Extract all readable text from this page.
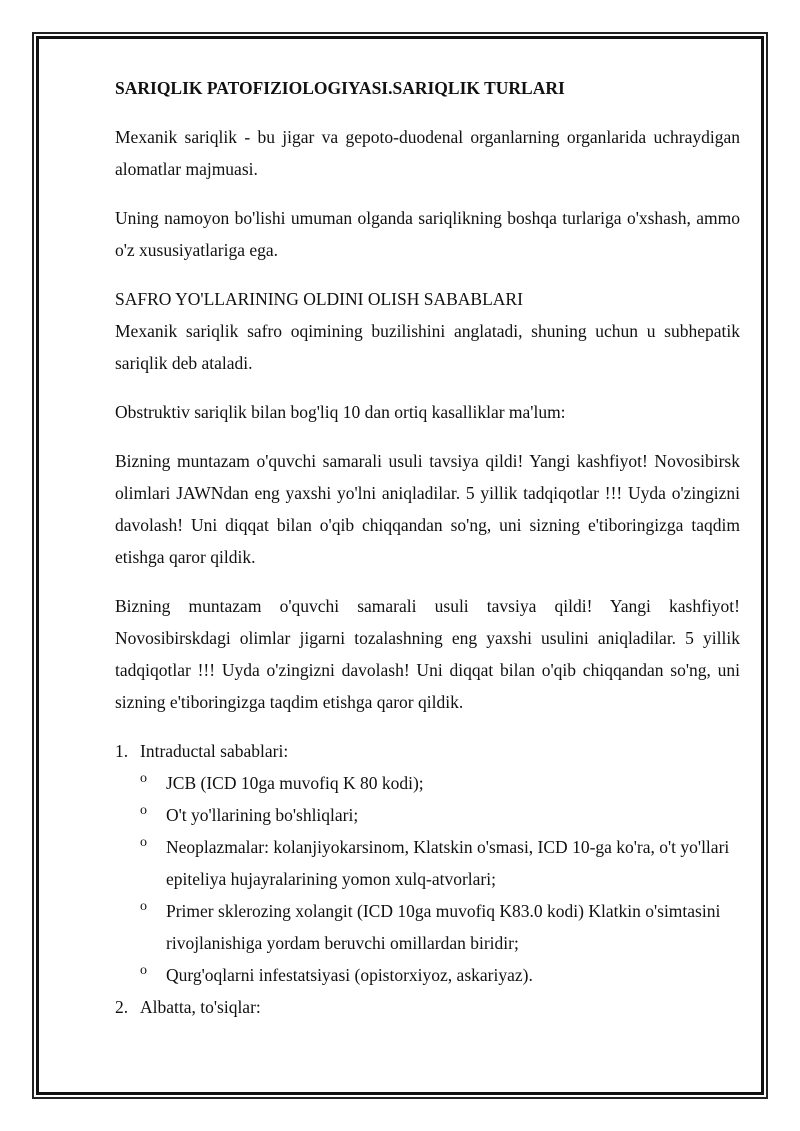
SARIQLIK PATOFIZIOLOGIYASI.SARIQLIK TURLARI

Mexanik sariqlik - bu jigar va gepoto-duodenal organlarning organlarida uchraydigan alomatlar majmuasi.

Uning namoyon bo'lishi umuman olganda sariqlikning boshqa turlariga o'xshash, ammo o'z xususiyatlariga ega.

SAFRO YO'LLARINING OLDINI OLISH SABABLARI

Mexanik sariqlik safro oqimining buzilishini anglatadi, shuning uchun u subhepatik sariqlik deb ataladi.

Obstruktiv sariqlik bilan bog'liq 10 dan ortiq kasalliklar ma'lum:

Bizning muntazam o'quvchi samarali usuli tavsiya qildi! Yangi kashfiyot! Novosibirsk olimlari JAWNdan eng yaxshi yo'lni aniqladilar. 5 yillik tadqiqotlar !!! Uyda o'zingizni davolash! Uni diqqat bilan o'qib chiqqandan so'ng, uni sizning e'tiboringizga taqdim etishga qaror qildik.

Bizning muntazam o'quvchi samarali usuli tavsiya qildi! Yangi kashfiyot! Novosibirskdagi olimlar jigarni tozalashning eng yaxshi usulini aniqladilar. 5 yillik tadqiqotlar !!! Uyda o'zingizni davolash! Uni diqqat bilan o'qib chiqqandan so'ng, uni sizning e'tiboringizga taqdim etishga qaror qildik.

1. Intraductal sabablari:
o JCB (ICD 10ga muvofiq K 80 kodi);
o O't yo'llarining bo'shliqlari;
o Neoplazmalar: kolanjiyokarsinom, Klatskin o'smasi, ICD 10-ga ko'ra, o't yo'llari epiteliya hujayralarining yomon xulq-atvorlari;
o Primer sklerozing xolangit (ICD 10ga muvofiq K83.0 kodi) Klatkin o'simtasini rivojlanishiga yordam beruvchi omillardan biridir;
o Qurg'oqlarni infestatsiyasi (opistorxiyoz, askariyaz).
2. Albatta, to'siqlar:
